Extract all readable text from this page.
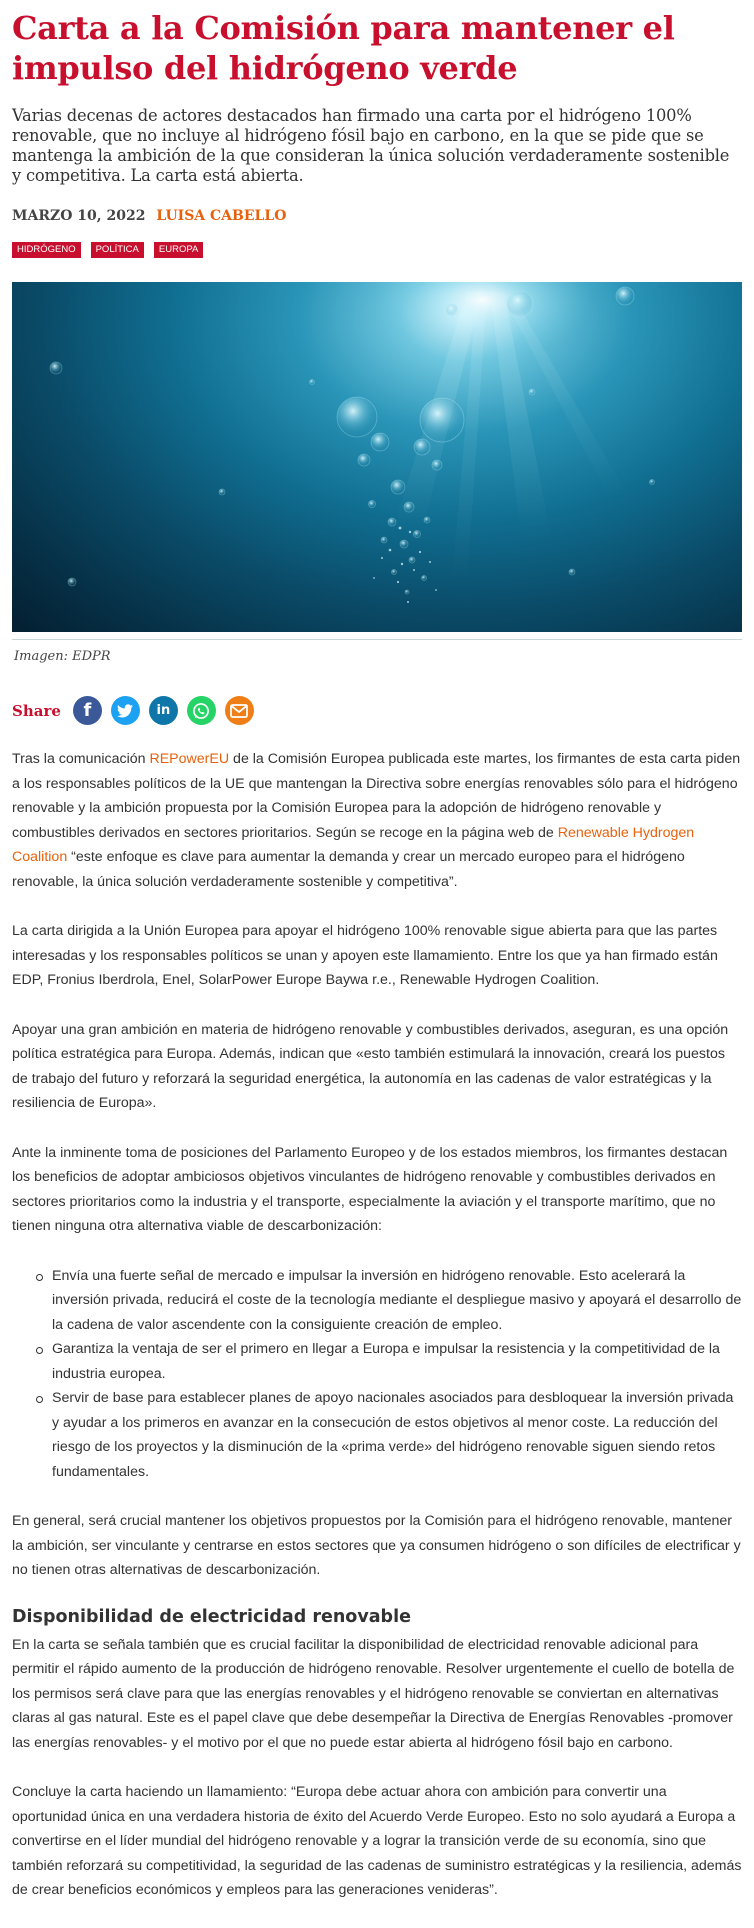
Carta a la Comisión para mantener el impulso del hidrógeno verde

Varias decenas de actores destacados han firmado una carta por el hidrógeno 100% renovable, que no incluye al hidrógeno fósil bajo en carbono, en la que se pide que se mantenga la ambición de la que consideran la única solución verdaderamente sostenible y competitiva. La carta está abierta.

MARZO 10, 2022 LUISA CABELLO
HIDRÓGENO	POLÍTICA	EUROPA
Imagen: EDPR
Share	f	in

Tras la comunicación REPowerEU de la Comisión Europea publicada este martes, los firmantes de esta carta piden a los responsables políticos de la UE que mantengan la Directiva sobre energías renovables sólo para el hidrógeno renovable y la ambición propuesta por la Comisión Europea para la adopción de hidrógeno renovable y combustibles derivados en sectores prioritarios. Según se recoge en la página web de Renewable Hydrogen Coalition “este enfoque es clave para aumentar la demanda y crear un mercado europeo para el hidrógeno renovable, la única solución verdaderamente sostenible y competitiva”.

La carta dirigida a la Unión Europea para apoyar el hidrógeno 100% renovable sigue abierta para que las partes interesadas y los responsables políticos se unan y apoyen este llamamiento. Entre los que ya han firmado están EDP, Fronius Iberdrola, Enel, SolarPower Europe Baywa r.e., Renewable Hydrogen Coalition.

Apoyar una gran ambición en materia de hidrógeno renovable y combustibles derivados, aseguran, es una opción política estratégica para Europa. Además, indican que «esto también estimulará la innovación, creará los puestos de trabajo del futuro y reforzará la seguridad energética, la autonomía en las cadenas de valor estratégicas y la resiliencia de Europa».

Ante la inminente toma de posiciones del Parlamento Europeo y de los estados miembros, los firmantes destacan los beneficios de adoptar ambiciosos objetivos vinculantes de hidrógeno renovable y combustibles derivados en sectores prioritarios como la industria y el transporte, especialmente la aviación y el transporte marítimo, que no tienen ninguna otra alternativa viable de descarbonización:

Envía una fuerte señal de mercado e impulsar la inversión en hidrógeno renovable. Esto acelerará la inversión privada, reducirá el coste de la tecnología mediante el despliegue masivo y apoyará el desarrollo de la cadena de valor ascendente con la consiguiente creación de empleo.
Garantiza la ventaja de ser el primero en llegar a Europa e impulsar la resistencia y la competitividad de la industria europea.
Servir de base para establecer planes de apoyo nacionales asociados para desbloquear la inversión privada y ayudar a los primeros en avanzar en la consecución de estos objetivos al menor coste. La reducción del riesgo de los proyectos y la disminución de la «prima verde» del hidrógeno renovable siguen siendo retos fundamentales.

En general, será crucial mantener los objetivos propuestos por la Comisión para el hidrógeno renovable, mantener la ambición, ser vinculante y centrarse en estos sectores que ya consumen hidrógeno o son difíciles de electrificar y no tienen otras alternativas de descarbonización.

Disponibilidad de electricidad renovable

En la carta se señala también que es crucial facilitar la disponibilidad de electricidad renovable adicional para permitir el rápido aumento de la producción de hidrógeno renovable. Resolver urgentemente el cuello de botella de los permisos será clave para que las energías renovables y el hidrógeno renovable se conviertan en alternativas claras al gas natural. Este es el papel clave que debe desempeñar la Directiva de Energías Renovables -promover las energías renovables- y el motivo por el que no puede estar abierta al hidrógeno fósil bajo en carbono.

Concluye la carta haciendo un llamamiento: “Europa debe actuar ahora con ambición para convertir una oportunidad única en una verdadera historia de éxito del Acuerdo Verde Europeo. Esto no solo ayudará a Europa a convertirse en el líder mundial del hidrógeno renovable y a lograr la transición verde de su economía, sino que también reforzará su competitividad, la seguridad de las cadenas de suministro estratégicas y la resiliencia, además de crear beneficios económicos y empleos para las generaciones venideras”.
